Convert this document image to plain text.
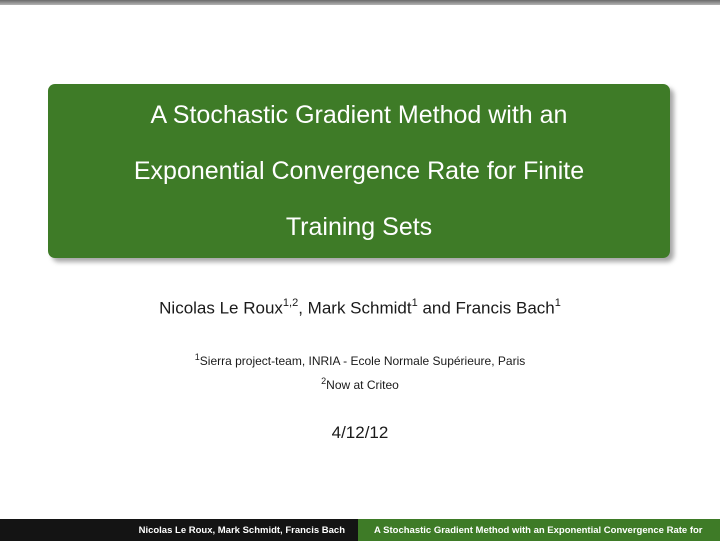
A Stochastic Gradient Method with an
Exponential Convergence Rate for Finite
Training Sets
Nicolas Le Roux$^{1,2}$, Mark Schmidt$^1$ and Francis Bach$^1$
$^1$Sierra project-team, INRIA - Ecole Normale Supérieure, Paris
$^2$Now at Criteo
4/12/12
Nicolas Le Roux, Mark Schmidt, Francis Bach	A Stochastic Gradient Method with an Exponential Convergence Rate for
